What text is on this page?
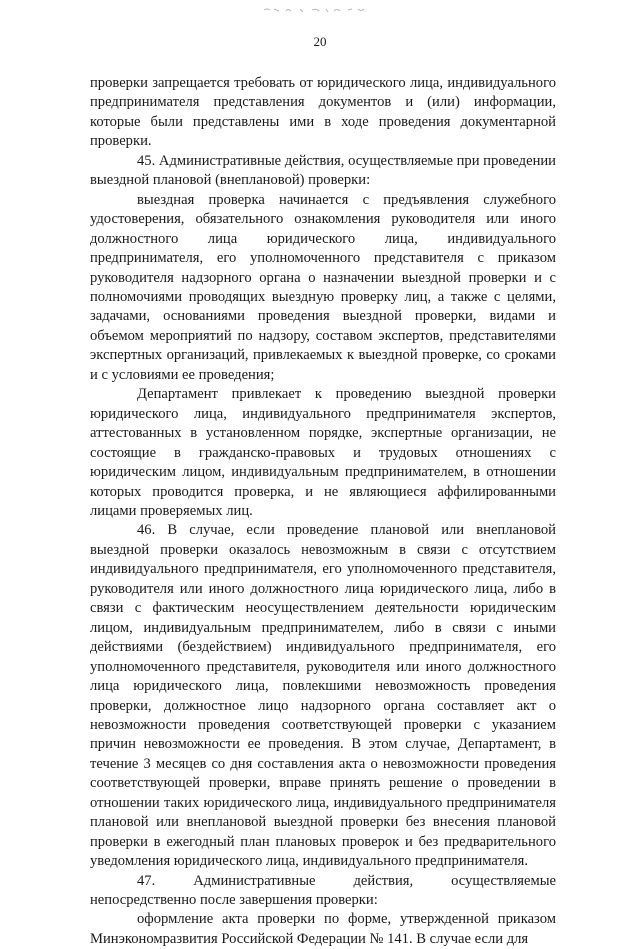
20

проверки запрещается требовать от юридического лица, индивидуального предпринимателя представления документов и (или) информации, которые были представлены ими в ходе проведения документарной проверки.

45. Административные действия, осуществляемые при проведении выездной плановой (внеплановой) проверки:

выездная проверка начинается с предъявления служебного удостоверения, обязательного ознакомления руководителя или иного должностного лица юридического лица, индивидуального предпринимателя, его уполномоченного представителя с приказом руководителя надзорного органа о назначении выездной проверки и с полномочиями проводящих выездную проверку лиц, а также с целями, задачами, основаниями проведения выездной проверки, видами и объемом мероприятий по надзору, составом экспертов, представителями экспертных организаций, привлекаемых к выездной проверке, со сроками и с условиями ее проведения;

Департамент привлекает к проведению выездной проверки юридического лица, индивидуального предпринимателя экспертов, аттестованных в установленном порядке, экспертные организации, не состоящие в гражданско-правовых и трудовых отношениях с юридическим лицом, индивидуальным предпринимателем, в отношении которых проводится проверка, и не являющиеся аффилированными лицами проверяемых лиц.

46. В случае, если проведение плановой или внеплановой выездной проверки оказалось невозможным в связи с отсутствием индивидуального предпринимателя, его уполномоченного представителя, руководителя или иного должностного лица юридического лица, либо в связи с фактическим неосуществлением деятельности юридическим лицом, индивидуальным предпринимателем, либо в связи с иными действиями (бездействием) индивидуального предпринимателя, его уполномоченного представителя, руководителя или иного должностного лица юридического лица, повлекшими невозможность проведения проверки, должностное лицо надзорного органа составляет акт о невозможности проведения соответствующей проверки с указанием причин невозможности ее проведения. В этом случае, Департамент, в течение 3 месяцев со дня составления акта о невозможности проведения соответствующей проверки, вправе принять решение о проведении в отношении таких юридического лица, индивидуального предпринимателя плановой или внеплановой выездной проверки без внесения плановой проверки в ежегодный план плановых проверок и без предварительного уведомления юридического лица, индивидуального предпринимателя.

47. Административные действия, осуществляемые непосредственно после завершения проверки:

оформление акта проверки по форме, утвержденной приказом Минэкономразвития Российской Федерации № 141. В случае если для
